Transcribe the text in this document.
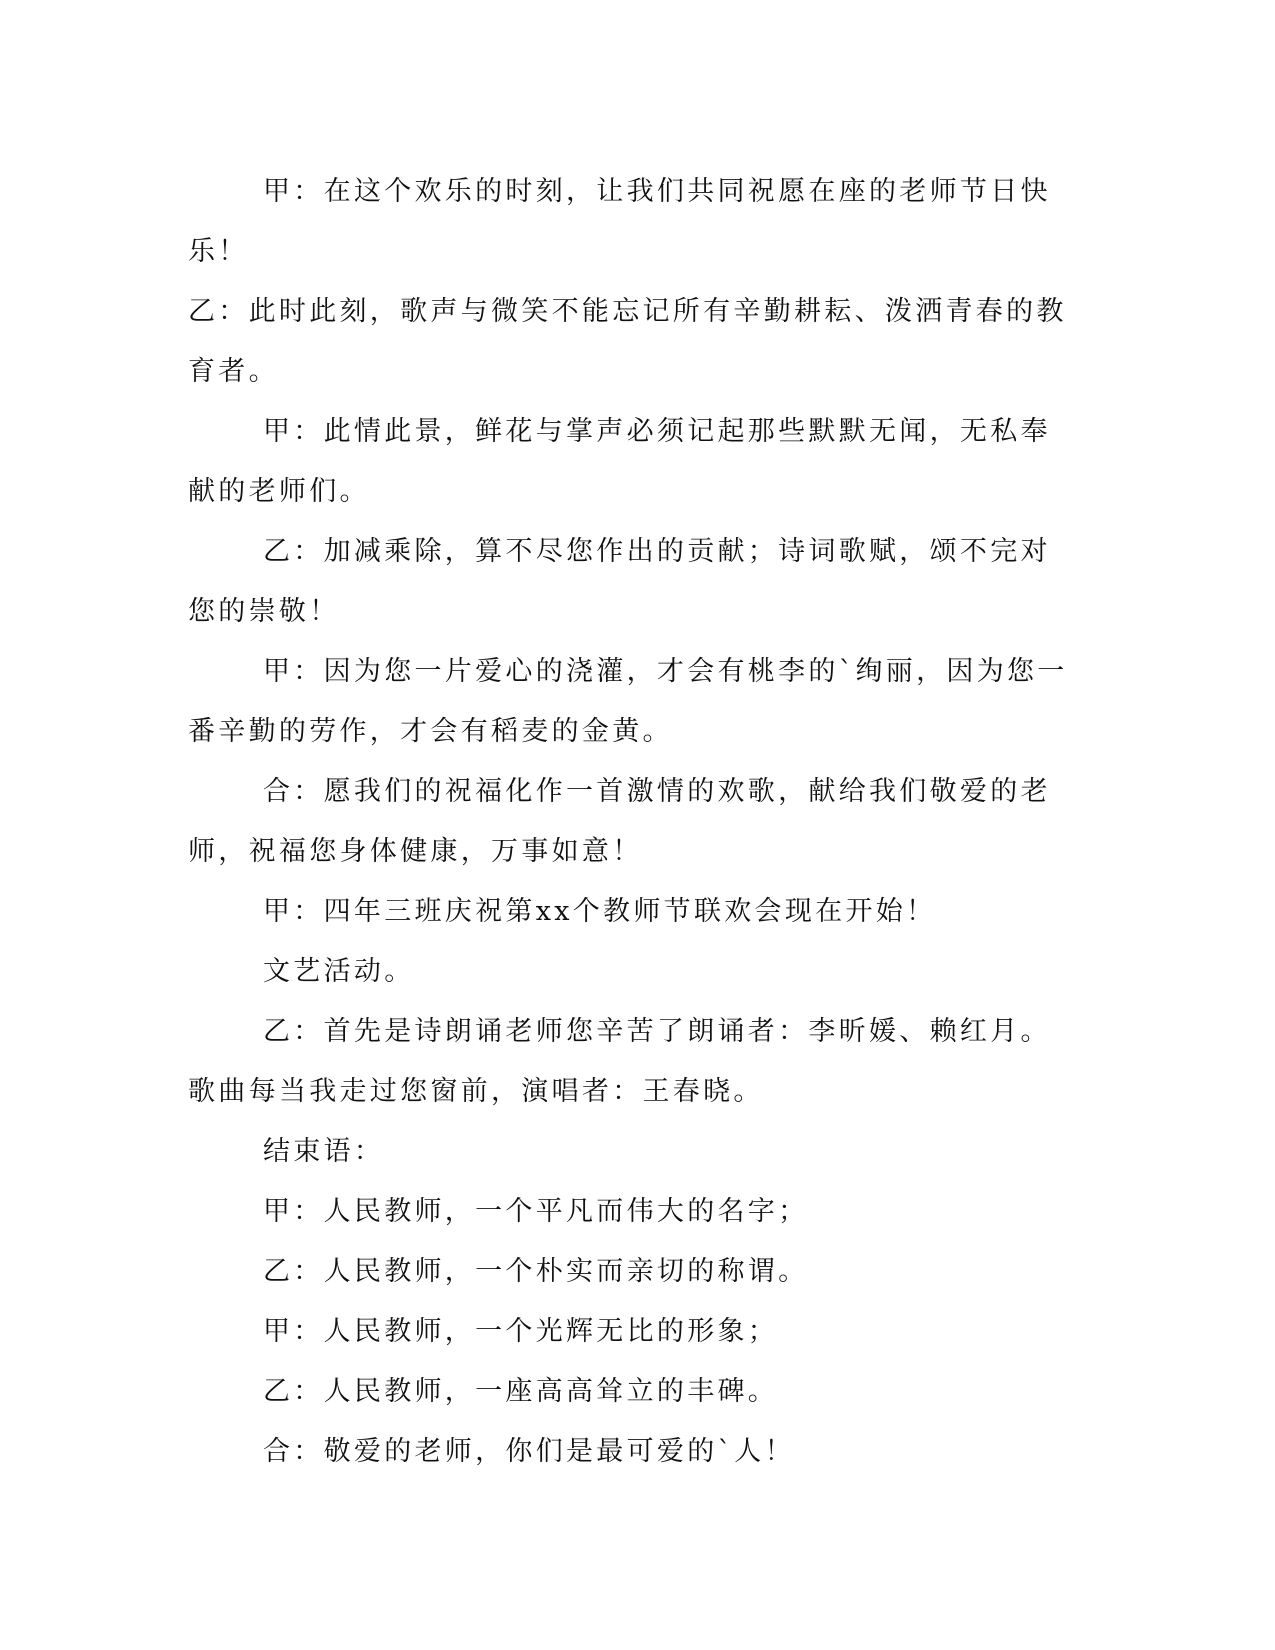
甲：在这个欢乐的时刻，让我们共同祝愿在座的老师节日快乐！

乙：此时此刻，歌声与微笑不能忘记所有辛勤耕耘、泼洒青春的教育者。

甲：此情此景，鲜花与掌声必须记起那些默默无闻，无私奉献的老师们。

乙：加减乘除，算不尽您作出的贡献；诗词歌赋，颂不完对您的崇敬！

甲：因为您一片爱心的浇灌，才会有桃李的`绚丽，因为您一番辛勤的劳作，才会有稻麦的金黄。

合：愿我们的祝福化作一首激情的欢歌，献给我们敬爱的老师，祝福您身体健康，万事如意！

甲：四年三班庆祝第xx个教师节联欢会现在开始！

文艺活动。

乙：首先是诗朗诵老师您辛苦了朗诵者：李昕媛、赖红月。歌曲每当我走过您窗前，演唱者：王春晓。

结束语：

甲：人民教师，一个平凡而伟大的名字；

乙：人民教师，一个朴实而亲切的称谓。

甲：人民教师，一个光辉无比的形象；

乙：人民教师，一座高高耸立的丰碑。

合：敬爱的老师，你们是最可爱的`人！
